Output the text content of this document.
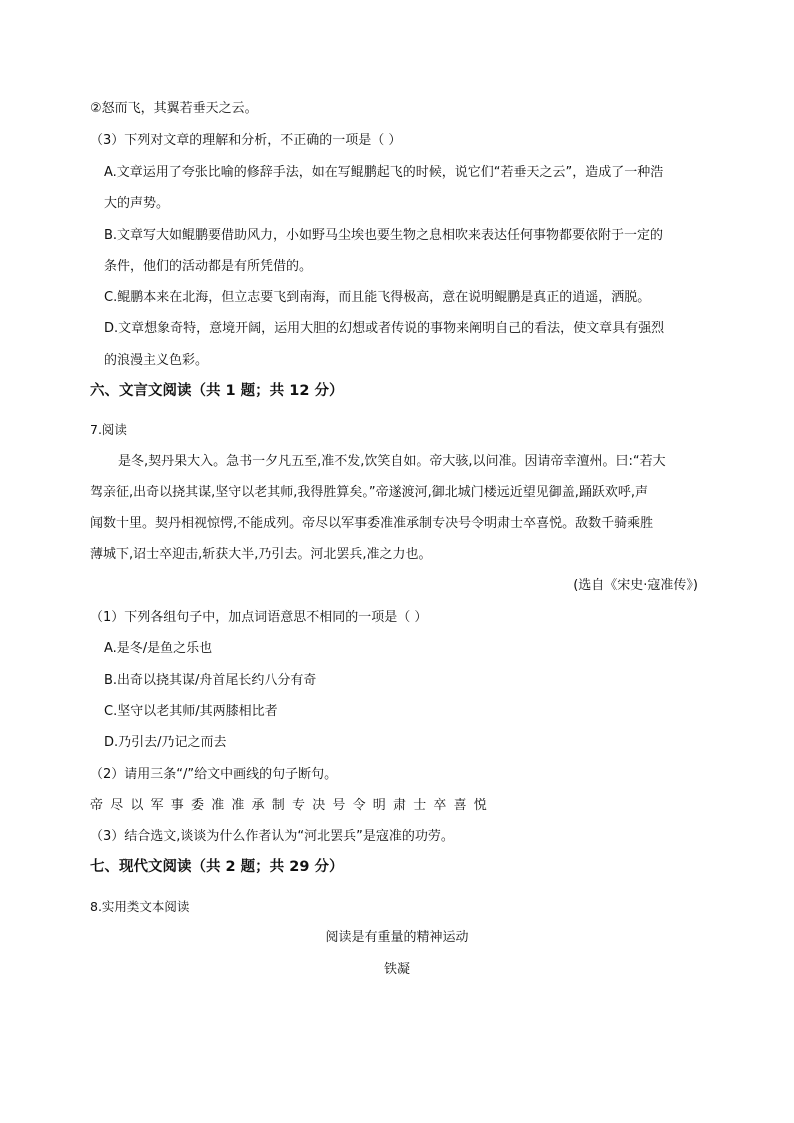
②怒而飞，其翼若垂天之云。
（3）下列对文章的理解和分析，不正确的一项是（ ）
A.文章运用了夸张比喻的修辞手法，如在写鲲鹏起飞的时候，说它们“若垂天之云”，造成了一种浩
大的声势。
B.文章写大如鲲鹏要借助风力，小如野马尘埃也要生物之息相吹来表达任何事物都要依附于一定的
条件，他们的活动都是有所凭借的。
C.鲲鹏本来在北海，但立志要飞到南海，而且能飞得极高，意在说明鲲鹏是真正的逍遥，洒脱。
D.文章想象奇特，意境开阔，运用大胆的幻想或者传说的事物来阐明自己的看法，使文章具有强烈
的浪漫主义色彩。
六、文言文阅读（共 1 题；共 12 分）
7.阅读
是冬,契丹果大入。急书一夕凡五至,准不发,饮笑自如。帝大骇,以问准。因请帝幸澶州。曰:“若大
驾亲征,出奇以挠其谋,坚守以老其师,我得胜算矣。”帝遂渡河,御北城门楼远近望见御盖,踊跃欢呼,声
闻数十里。契丹相视惊愕,不能成列。帝尽以军事委准准承制专决号令明肃士卒喜悦。敌数千骑乘胜
薄城下,诏士卒迎击,斩获大半,乃引去。河北罢兵,准之力也。
(选自《宋史·寇准传》)
（1）下列各组句子中，加点词语意思不相同的一项是（ ）
A.是冬/是鱼之乐也
B.出奇以挠其谋/舟首尾长约八分有奇
C.坚守以老其师/其两膝相比者
D.乃引去/乃记之而去
（2）请用三条“/”给文中画线的句子断句。
帝尽以军事委准准承制专决号令明肃士卒喜悦
（3）结合选文,谈谈为什么作者认为“河北罢兵”是寇准的功劳。
七、现代文阅读（共 2 题；共 29 分）
8.实用类文本阅读
阅读是有重量的精神运动
铁凝
